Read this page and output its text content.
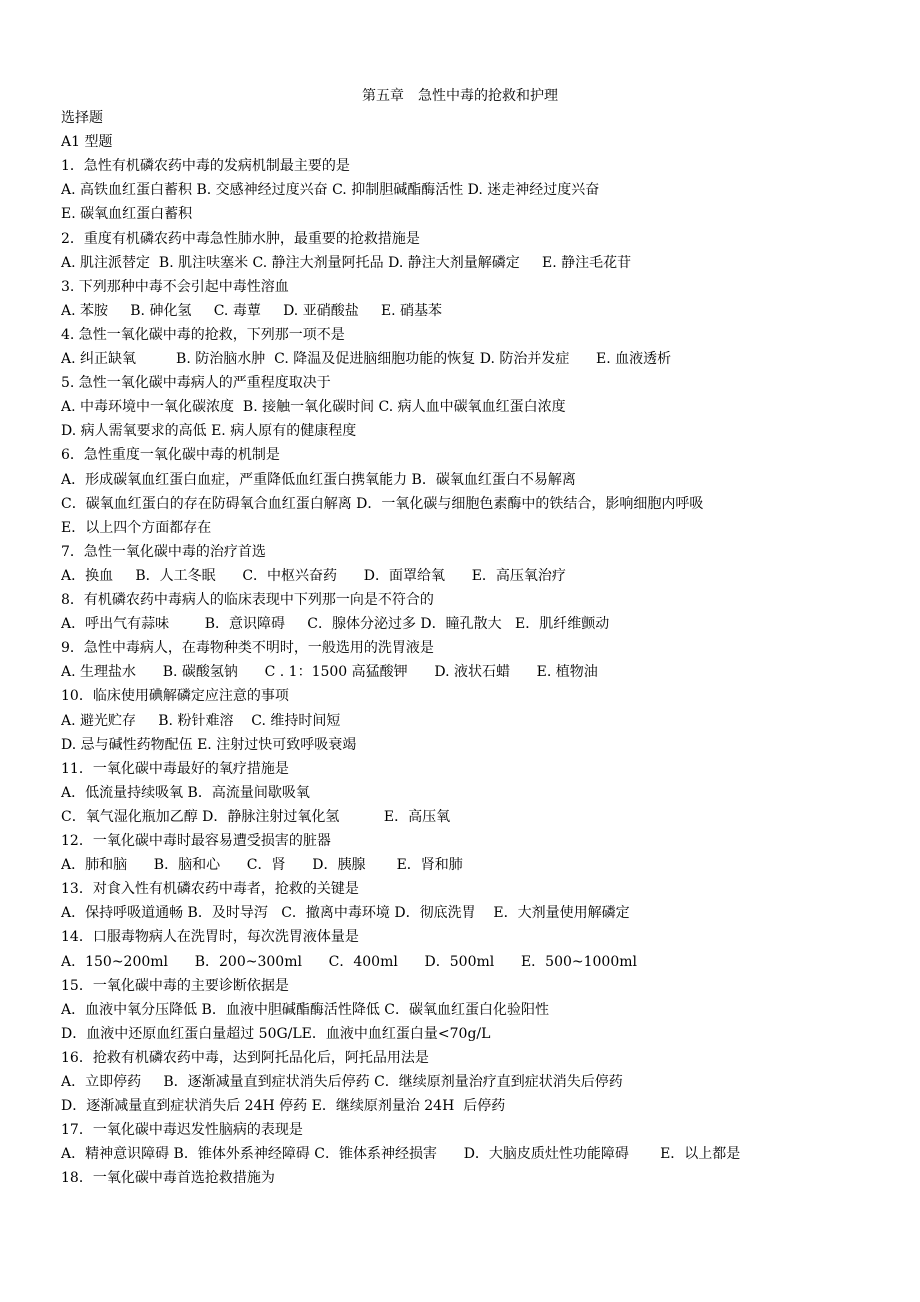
第五章　急性中毒的抢救和护理
选择题
A1 型题
1．急性有机磷农药中毒的发病机制最主要的是
A. 高铁血红蛋白蓄积 B. 交感神经过度兴奋 C. 抑制胆碱酯酶活性 D. 迷走神经过度兴奋
E. 碳氧血红蛋白蓄积
2．重度有机磷农药中毒急性肺水肿，最重要的抢救措施是
A. 肌注派替定  B. 肌注呋塞米 C. 静注大剂量阿托品 D. 静注大剂量解磷定     E. 静注毛花苷
3. 下列那种中毒不会引起中毒性溶血
A. 苯胺     B. 砷化氢     C. 毒蕈     D. 亚硝酸盐     E. 硝基苯
4. 急性一氧化碳中毒的抢救，下列那一项不是
A. 纠正缺氧         B. 防治脑水肿  C. 降温及促进脑细胞功能的恢复 D. 防治并发症      E. 血液透析
5. 急性一氧化碳中毒病人的严重程度取决于
A. 中毒环境中一氧化碳浓度  B. 接触一氧化碳时间 C. 病人血中碳氧血红蛋白浓度
D. 病人需氧要求的高低 E. 病人原有的健康程度
6．急性重度一氧化碳中毒的机制是
A．形成碳氧血红蛋白血症，严重降低血红蛋白携氧能力 B．碳氧血红蛋白不易解离
C．碳氧血红蛋白的存在防碍氧合血红蛋白解离 D．一氧化碳与细胞色素酶中的铁结合，影响细胞内呼吸
E．以上四个方面都存在
7．急性一氧化碳中毒的治疗首选
A．换血     B．人工冬眠      C．中枢兴奋药      D．面罩给氧      E．高压氧治疗
8．有机磷农药中毒病人的临床表现中下列那一向是不符合的
A．呼出气有蒜味        B．意识障碍     C．腺体分泌过多 D．瞳孔散大   E．肌纤维颤动
9．急性中毒病人，在毒物种类不明时，一般选用的洗胃液是
A. 生理盐水      B. 碳酸氢钠      C . 1：1500 高猛酸钾      D. 液状石蜡      E. 植物油
10．临床使用碘解磷定应注意的事项
A. 避光贮存     B. 粉针难溶    C. 维持时间短
D. 忌与碱性药物配伍 E. 注射过快可致呼吸衰竭
11．一氧化碳中毒最好的氧疗措施是
A．低流量持续吸氧 B．高流量间歇吸氧
C．氧气湿化瓶加乙醇 D．静脉注射过氧化氢          E．高压氧
12．一氧化碳中毒时最容易遭受损害的脏器
A．肺和脑      B．脑和心      C．肾      D．胰腺       E．肾和肺
13．对食入性有机磷农药中毒者，抢救的关键是
A．保持呼吸道通畅 B．及时导泻   C．撤离中毒环境 D．彻底洗胃    E．大剂量使用解磷定
14．口服毒物病人在洗胃时，每次洗胃液体量是
A．150~200ml      B．200~300ml      C．400ml      D．500ml      E．500~1000ml
15．一氧化碳中毒的主要诊断依据是
A．血液中氧分压降低 B．血液中胆碱酯酶活性降低 C．碳氧血红蛋白化验阳性
D．血液中还原血红蛋白量超过 50G/LE．血液中血红蛋白量<70g/L
16．抢救有机磷农药中毒，达到阿托品化后，阿托品用法是
A．立即停药     B．逐渐减量直到症状消失后停药 C．继续原剂量治疗直到症状消失后停药
D．逐渐减量直到症状消失后 24H 停药 E．继续原剂量治 24H  后停药
17．一氧化碳中毒迟发性脑病的表现是
A．精神意识障碍 B．锥体外系神经障碍 C．锥体系神经损害      D．大脑皮质灶性功能障碍       E．以上都是
18．一氧化碳中毒首选抢救措施为
